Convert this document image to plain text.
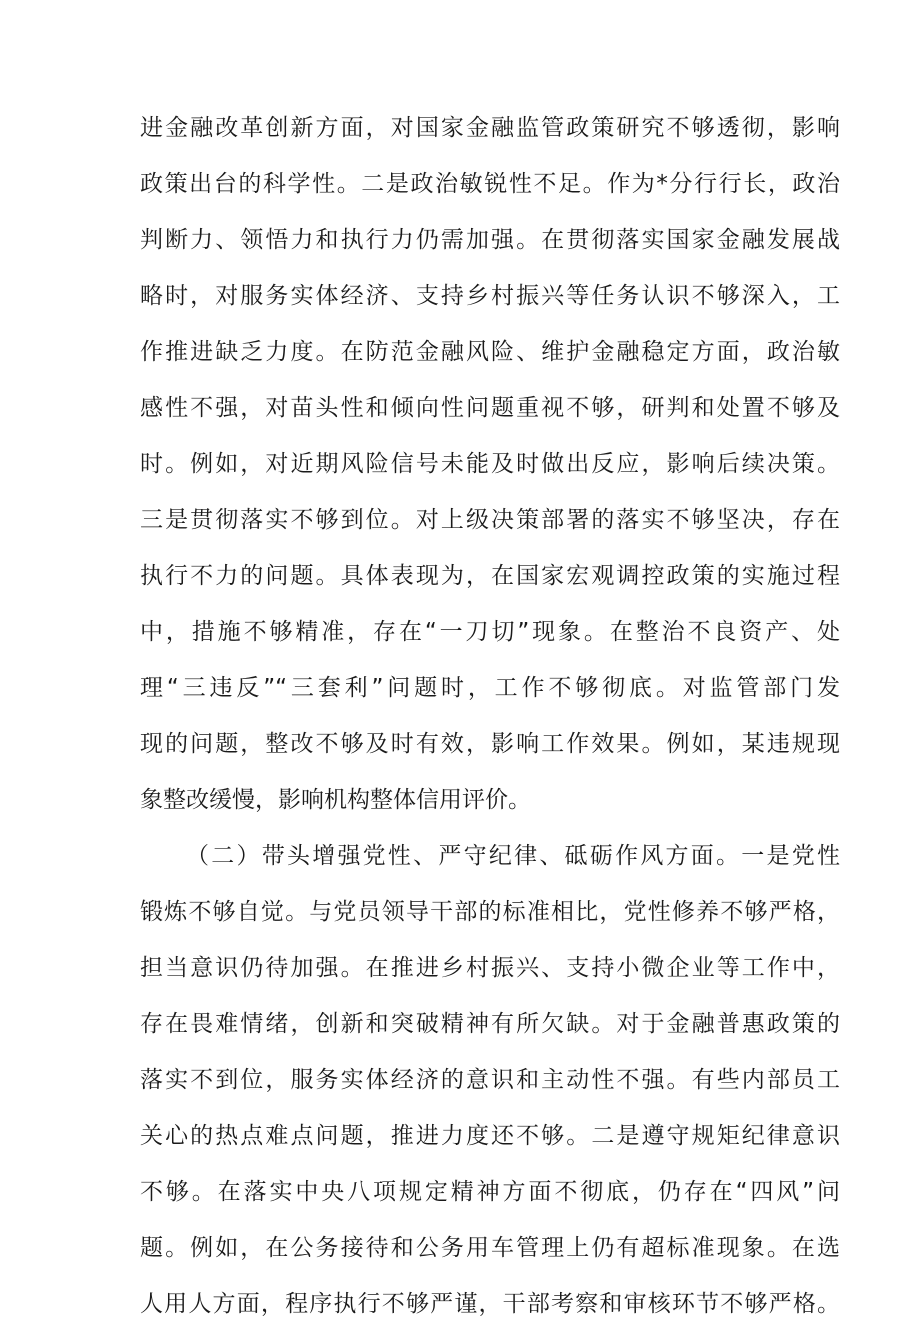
进金融改革创新方面，对国家金融监管政策研究不够透彻，影响

政策出台的科学性。二是政治敏锐性不足。作为*分行行长，政治

判断力、领悟力和执行力仍需加强。在贯彻落实国家金融发展战

略时，对服务实体经济、支持乡村振兴等任务认识不够深入，工

作推进缺乏力度。在防范金融风险、维护金融稳定方面，政治敏

感性不强，对苗头性和倾向性问题重视不够，研判和处置不够及

时。例如，对近期风险信号未能及时做出反应，影响后续决策。

三是贯彻落实不够到位。对上级决策部署的落实不够坚决，存在

执行不力的问题。具体表现为，在国家宏观调控政策的实施过程

中，措施不够精准，存在“一刀切”现象。在整治不良资产、处

理“三违反”“三套利”问题时，工作不够彻底。对监管部门发

现的问题，整改不够及时有效，影响工作效果。例如，某违规现

象整改缓慢，影响机构整体信用评价。

（二）带头增强党性、严守纪律、砥砺作风方面。一是党性

锻炼不够自觉。与党员领导干部的标准相比，党性修养不够严格，

担当意识仍待加强。在推进乡村振兴、支持小微企业等工作中，

存在畏难情绪，创新和突破精神有所欠缺。对于金融普惠政策的

落实不到位，服务实体经济的意识和主动性不强。有些内部员工

关心的热点难点问题，推进力度还不够。二是遵守规矩纪律意识

不够。在落实中央八项规定精神方面不彻底，仍存在“四风”问

题。例如，在公务接待和公务用车管理上仍有超标准现象。在选

人用人方面，程序执行不够严谨，干部考察和审核环节不够严格。
